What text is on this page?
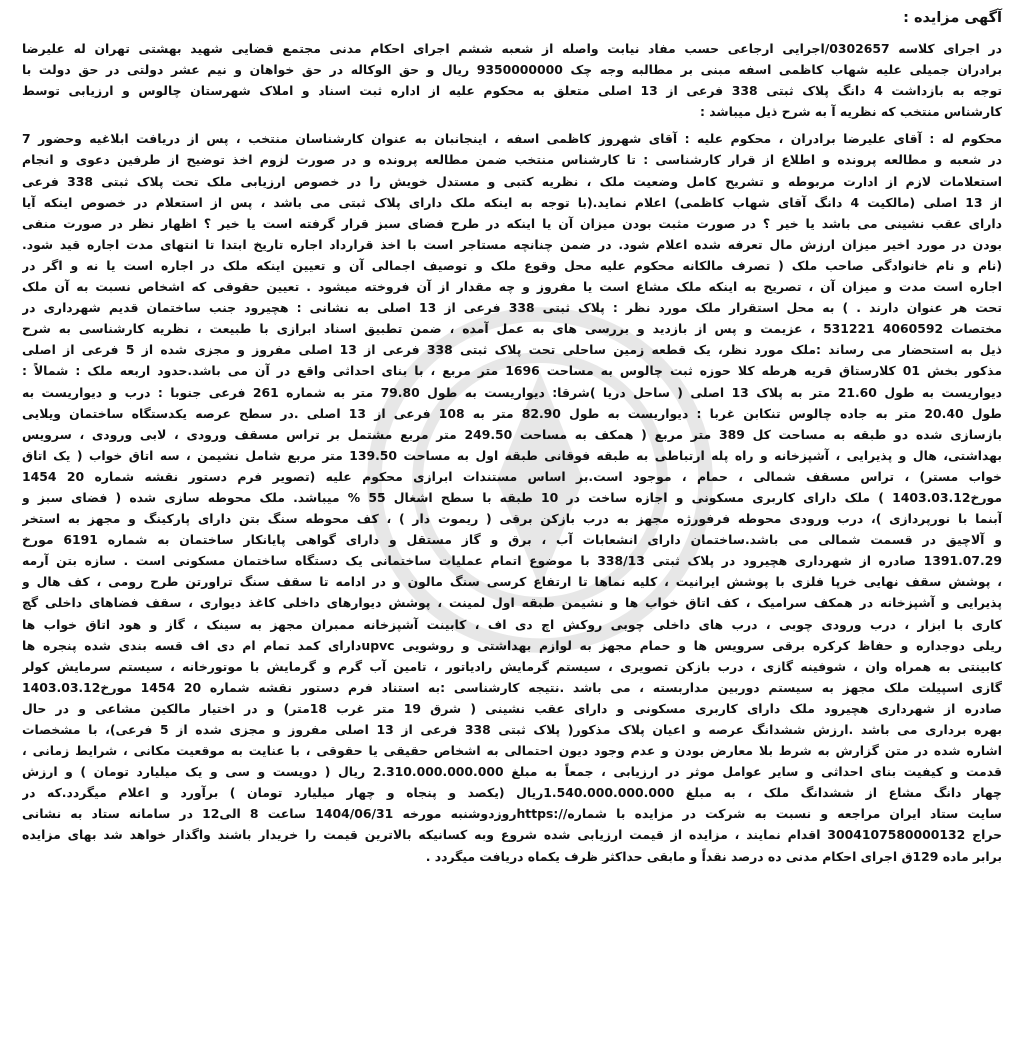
آگهی مزایده :
در اجرای کلاسه 0302657/اجرایی ارجاعی حسب مفاد نیابت واصله از شعبه ششم اجرای احکام مدنی مجتمع قضایی شهید بهشتی تهران له علیرضا
برادران جمیلی علیه شهاب کاظمی اسفه مبنی بر مطالبه وجه چک 9350000000 ریال و حق الوکاله در حق خواهان و نیم عشر دولتی در حق دولت با
توجه به بازداشت 4 دانگ پلاک ثبتی 338 فرعی از 13 اصلی متعلق به محکوم علیه از اداره ثبت اسناد و املاک شهرستان چالوس و ارزیابی توسط
کارشناس منتخب که نظریه آ به شرح ذیل میباشد :
محکوم له : آقای علیرضا برادران ، محکوم علیه : آقای شهروز کاظمی اسفه ، اینجانبان به عنوان کارشناسان منتخب ، پس از دریافت ابلاغیه وحضور 7
در شعبه و مطالعه پرونده و اطلاع از قرار کارشناسی : تا کارشناس منتخب ضمن مطالعه پرونده و در صورت لزوم اخذ توضیح از طرفین دعوی و انجام
استعلامات لازم از ادارت مربوطه و تشریح کامل وضعیت ملک ، نظریه کتبی و مستدل خویش را در خصوص ارزیابی ملک تحت پلاک ثبتی 338 فرعی
از 13 اصلی (مالکیت 4 دانگ آقای شهاب کاظمی) اعلام نماید.(با توجه به اینکه ملک دارای پلاک ثبتی می باشد ، پس از استعلام در خصوص اینکه آیا
دارای عقب نشینی می باشد یا خیر ؟ در صورت مثبت بودن میزان آن یا اینکه در طرح فضای سبز قرار گرفته است یا خیر ؟ اظهار نظر در صورت منفی
بودن در مورد اخیر میزان ارزش مال تعرفه شده اعلام شود. در ضمن چنانچه مستاجر است با اخذ قرارداد اجاره تاریخ ابتدا تا انتهای مدت اجاره قید شود.
(نام و نام خانوادگی صاحب ملک ( تصرف مالکانه محکوم علیه محل وقوع ملک و توصیف اجمالی آن و تعیین اینکه ملک در اجاره است یا نه و اگر در
اجاره است مدت و میزان آن ، تصریح به اینکه ملک مشاع است یا مفروز و چه مقدار از آن فروخته میشود . تعیین حقوقی که اشخاص نسبت به آن ملک
تحت هر عنوان دارند . ) به محل استقرار ملک مورد نظر : پلاک ثبتی 338 فرعی از 13 اصلی به نشانی : هچیرود جنب ساختمان قدیم شهرداری در
مختصات 4060592 531221 ، عزیمت و پس از بازدید و بررسی های به عمل آمده ، ضمن تطبیق اسناد ابرازی با طبیعت ، نظریه کارشناسی به شرح
ذیل به استحضار می رساند :ملک مورد نظر، یک قطعه زمین ساحلی تحت پلاک ثبتی 338 فرعی از 13 اصلی مفروز و مجزی شده از 5 فرعی از اصلی
مذکور بخش 01 کلارستاق قریه هرطه کلا حوزه ثبت چالوس به مساحت 1696 متر مربع ، با بنای احداثی واقع در آن می باشد.حدود اربعه ملک : شمالاً :
دیواریست به طول 21.60 متر به پلاک 13 اصلی ( ساحل دریا )شرقا: دیواریست به طول 79.80 متر به شماره 261 فرعی جنوبا : درب و دیواریست به
طول 20.40 متر به جاده چالوس تنکابن غربا : دیواریست به طول 82.90 متر به 108 فرعی از 13 اصلی .در سطح عرصه یکدستگاه ساختمان ویلایی
بازسازی شده دو طبقه به مساحت کل 389 متر مربع ( همکف به مساحت 249.50 متر مربع مشتمل بر تراس مسقف ورودی ، لابی ورودی ، سرویس
بهداشتی، هال و پذیرایی ، آشپزخانه و راه پله ارتباطی به طبقه فوقانی طبقه اول به مساحت 139.50 متر مربع شامل نشیمن ، سه اتاق خواب ( یک اتاق
خواب مستر) ، تراس مسقف شمالی ، حمام ، موجود است.بر اساس مستندات ابرازی محکوم علیه (تصویر فرم دستور نقشه شماره 20 1454
مورخ1403.03.12 ) ملک دارای کاربری مسکونی و اجازه ساخت در 10 طبقه با سطح اشغال 55 % میباشد. ملک محوطه سازی شده ( فضای سبز و
آبنما با نورپردازی )، درب ورودی محوطه فرفورژه مجهز به درب بازکن برقی ( ریموت دار ) ، کف محوطه سنگ بتن دارای پارکینگ و مجهز به استخر
و آلاچیق در قسمت شمالی می باشد.ساختمان دارای انشعابات آب ، برق و گاز مستقل و دارای گواهی پایانکار ساختمان به شماره 6191 مورخ
1391.07.29 صادره از شهرداری هچیرود در پلاک ثبتی 338/13 با موضوع اتمام عملیات ساختمانی یک دستگاه ساختمان مسکونی است . سازه بتن آرمه
، پوشش سقف نهایی خرپا فلزی با پوشش ایرانیت ، کلیه نماها تا ارتفاع کرسی سنگ مالون و در ادامه تا سقف سنگ تراورتن طرح رومی ، کف هال و
پذیرایی و آشپزخانه در همکف سرامیک ، کف اتاق خواب ها و نشیمن طبقه اول لمینت ، پوشش دیوارهای داخلی کاغذ دیواری ، سقف فضاهای داخلی گچ
کاری با ابزار ، درب ورودی چوبی ، درب های داخلی چوبی روکش اچ دی اف ، کابینت آشپزخانه ممبران مجهز به سینک ، گاز و هود اتاق خواب ها
ریلی دوجداره و حفاظ کرکره برقی سرویس ها و حمام مجهز به لوازم بهداشتی و روشویی upvcدارای کمد تمام ام دی اف قسه بندی شده پنجره ها
کابینتی به همراه وان ، شوفینه گازی ، درب بازکن تصویری ، سیستم گرمایش رادیاتور ، تامین آب گرم و گرمایش با موتورخانه ، سیستم سرمایش کولر
گازی اسپیلت ملک مجهز به سیستم دوربین مداربسته ، می باشد .نتیجه کارشناسی :به استناد فرم دستور نقشه شماره 20 1454 مورخ1403.03.12
صادره از شهرداری هچیرود ملک دارای کاربری مسکونی و دارای عقب نشینی ( شرق 19 متر غرب 18متر) و در اختیار مالکین مشاعی و در حال
بهره برداری می باشد .ارزش ششدانگ عرصه و اعیان پلاک مذکور( پلاک ثبتی 338 فرعی از 13 اصلی مفروز و مجزی شده از 5 فرعی)، با مشخصات
اشاره شده در متن گزارش به شرط بلا معارض بودن و عدم وجود دیون احتمالی به اشخاص حقیقی یا حقوقی ، با عنایت به موقعیت مکانی ، شرایط زمانی ،
قدمت و کیفیت بنای احداثی و سایر عوامل موثر در ارزیابی ، جمعاً به مبلغ 2.310.000.000.000 ریال ( دویست و سی و یک میلیارد تومان ) و ارزش
چهار دانگ مشاع از ششدانگ ملک ، به مبلغ 1.540.000.000.000ریال (یکصد و پنجاه و چهار میلیارد تومان ) برآورد و اعلام میگردد.که در
سایت ستاد ایران مراجعه و نسبت به شرکت در مزایده با شماره//:httpsروزدوشنبه مورخه 1404/06/31 ساعت 8 الی12 در سامانه ستاد به نشانی
حراج 3004107580000132 اقدام نمایند ، مزایده از قیمت ارزیابی شده شروع وبه کسانیکه بالاترین قیمت را خریدار باشند واگذار خواهد شد بهای مزایده
برابر ماده 129ق اجرای احکام مدنی ده درصد نقداً و مابقی حداکثر ظرف یکماه دریافت میگردد .
